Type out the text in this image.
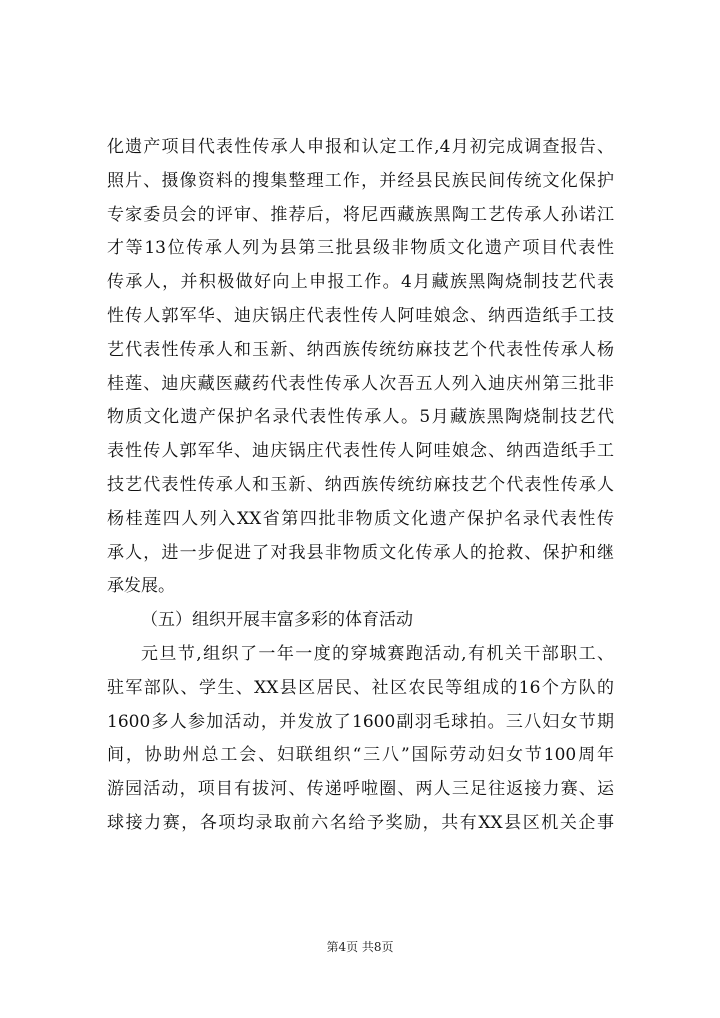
化遗产项目代表性传承人申报和认定工作,4月初完成调查报告、
照片、摄像资料的搜集整理工作，并经县民族民间传统文化保护
专家委员会的评审、推荐后，将尼西藏族黑陶工艺传承人孙诺江
才等13位传承人列为县第三批县级非物质文化遗产项目代表性
传承人，并积极做好向上申报工作。4月藏族黑陶烧制技艺代表
性传人郭军华、迪庆锅庄代表性传人阿哇娘念、纳西造纸手工技
艺代表性传承人和玉新、纳西族传统纺麻技艺个代表性传承人杨
桂莲、迪庆藏医藏药代表性传承人次吾五人列入迪庆州第三批非
物质文化遗产保护名录代表性传承人。5月藏族黑陶烧制技艺代
表性传人郭军华、迪庆锅庄代表性传人阿哇娘念、纳西造纸手工
技艺代表性传承人和玉新、纳西族传统纺麻技艺个代表性传承人
杨桂莲四人列入XX省第四批非物质文化遗产保护名录代表性传
承人，进一步促进了对我县非物质文化传承人的抢救、保护和继
承发展。
（五）组织开展丰富多彩的体育活动
元旦节,组织了一年一度的穿城赛跑活动,有机关干部职工、
驻军部队、学生、XX县区居民、社区农民等组成的16个方队的
1600多人参加活动，并发放了1600副羽毛球拍。三八妇女节期
间，协助州总工会、妇联组织“三八”国际劳动妇女节100周年
游园活动，项目有拔河、传递呼啦圈、两人三足往返接力赛、运
球接力赛，各项均录取前六名给予奖励，共有XX县区机关企事
第4页 共8页
